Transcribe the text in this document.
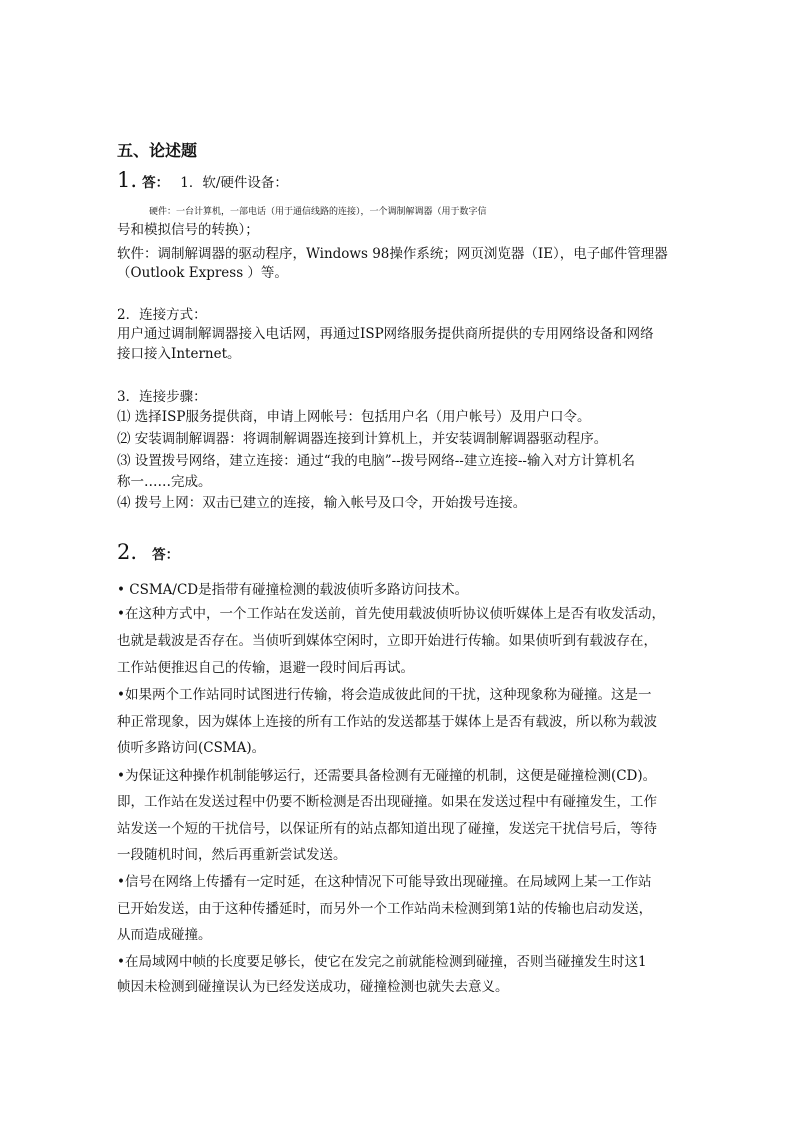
五、论述题
1. 答： 1．软/硬件设备：
硬件：一台计算机，一部电话（用于通信线路的连接），一个调制解调器（用于数字信
号和模拟信号的转换）；
软件：调制解调器的驱动程序，Windows 98操作系统；网页浏览器（IE），电子邮件管理器
（Outlook Express ）等。
2．连接方式：
用户通过调制解调器接入电话网，再通过ISP网络服务提供商所提供的专用网络设备和网络
接口接入Internet。
3．连接步骤：
⑴ 选择ISP服务提供商，申请上网帐号：包括用户名（用户帐号）及用户口令。
⑵ 安装调制解调器：将调制解调器连接到计算机上，并安装调制解调器驱动程序。
⑶ 设置拨号网络，建立连接：通过“我的电脑”--拨号网络--建立连接--输入对方计算机名
称一……完成。
⑷ 拨号上网：双击已建立的连接，输入帐号及口令，开始拨号连接。
2. 答：
• CSMA/CD是指带有碰撞检测的载波侦听多路访问技术。
•在这种方式中，一个工作站在发送前，首先使用载波侦听协议侦听媒体上是否有收发活动，
也就是载波是否存在。当侦听到媒体空闲时，立即开始进行传输。如果侦听到有载波存在，
工作站便推迟自己的传输，退避一段时间后再试。
•如果两个工作站同时试图进行传输，将会造成彼此间的干扰，这种现象称为碰撞。这是一
种正常现象，因为媒体上连接的所有工作站的发送都基于媒体上是否有载波，所以称为载波
侦听多路访问(CSMA)。
•为保证这种操作机制能够运行，还需要具备检测有无碰撞的机制，这便是碰撞检测(CD)。
即，工作站在发送过程中仍要不断检测是否出现碰撞。如果在发送过程中有碰撞发生，工作
站发送一个短的干扰信号，以保证所有的站点都知道出现了碰撞，发送完干扰信号后，等待
一段随机时间，然后再重新尝试发送。
•信号在网络上传播有一定时延，在这种情况下可能导致出现碰撞。在局域网上某一工作站
已开始发送，由于这种传播延时，而另外一个工作站尚未检测到第1站的传输也启动发送，
从而造成碰撞。
•在局域网中帧的长度要足够长，使它在发完之前就能检测到碰撞，否则当碰撞发生时这1
帧因未检测到碰撞误认为已经发送成功，碰撞检测也就失去意义。
